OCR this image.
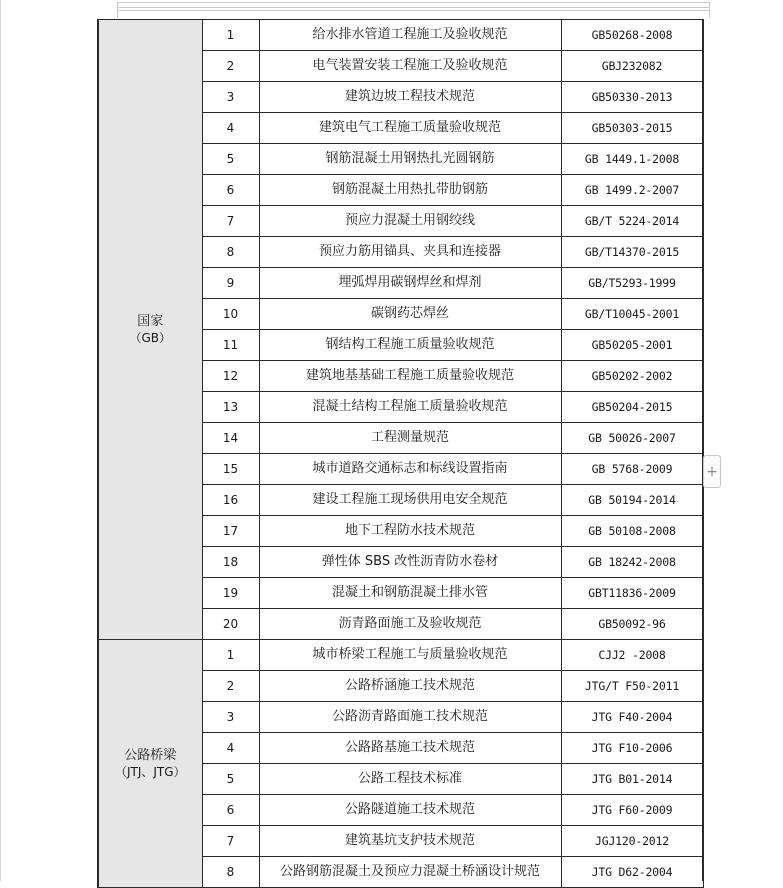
国家
（GB）	1	给水排水管道工程施工及验收规范	GB50268-2008
	2	电气装置安装工程施工及验收规范	GBJ232082
	3	建筑边坡工程技术规范	GB50330-2013
	4	建筑电气工程施工质量验收规范	GB50303-2015
	5	钢筋混凝土用钢热扎光圆钢筋	GB 1449.1-2008
	6	钢筋混凝土用热扎带肋钢筋	GB 1499.2-2007
	7	预应力混凝土用钢绞线	GB/T 5224-2014
	8	预应力筋用锚具、夹具和连接器	GB/T14370-2015
	9	埋弧焊用碳钢焊丝和焊剂	GB/T5293-1999
	10	碳钢药芯焊丝	GB/T10045-2001
	11	钢结构工程施工质量验收规范	GB50205-2001
	12	建筑地基基础工程施工质量验收规范	GB50202-2002
	13	混凝土结构工程施工质量验收规范	GB50204-2015
	14	工程测量规范	GB 50026-2007
	15	城市道路交通标志和标线设置指南	GB 5768-2009
	16	建设工程施工现场供用电安全规范	GB 50194-2014
	17	地下工程防水技术规范	GB 50108-2008
	18	弹性体 SBS 改性沥青防水卷材	GB 18242-2008
	19	混凝土和钢筋混凝土排水管	GBT11836-2009
	20	沥青路面施工及验收规范	GB50092-96

公路桥梁
（JTJ、JTG）	1	城市桥梁工程施工与质量验收规范	CJJ2 -2008
	2	公路桥涵施工技术规范	JTG/T F50-2011
	3	公路沥青路面施工技术规范	JTG F40-2004
	4	公路路基施工技术规范	JTG F10-2006
	5	公路工程技术标准	JTG B01-2014
	6	公路隧道施工技术规范	JTG F60-2009
	7	建筑基坑支护技术规范	JGJ120-2012
	8	公路钢筋混凝土及预应力混凝土桥涵设计规范	JTG D62-2004
+
